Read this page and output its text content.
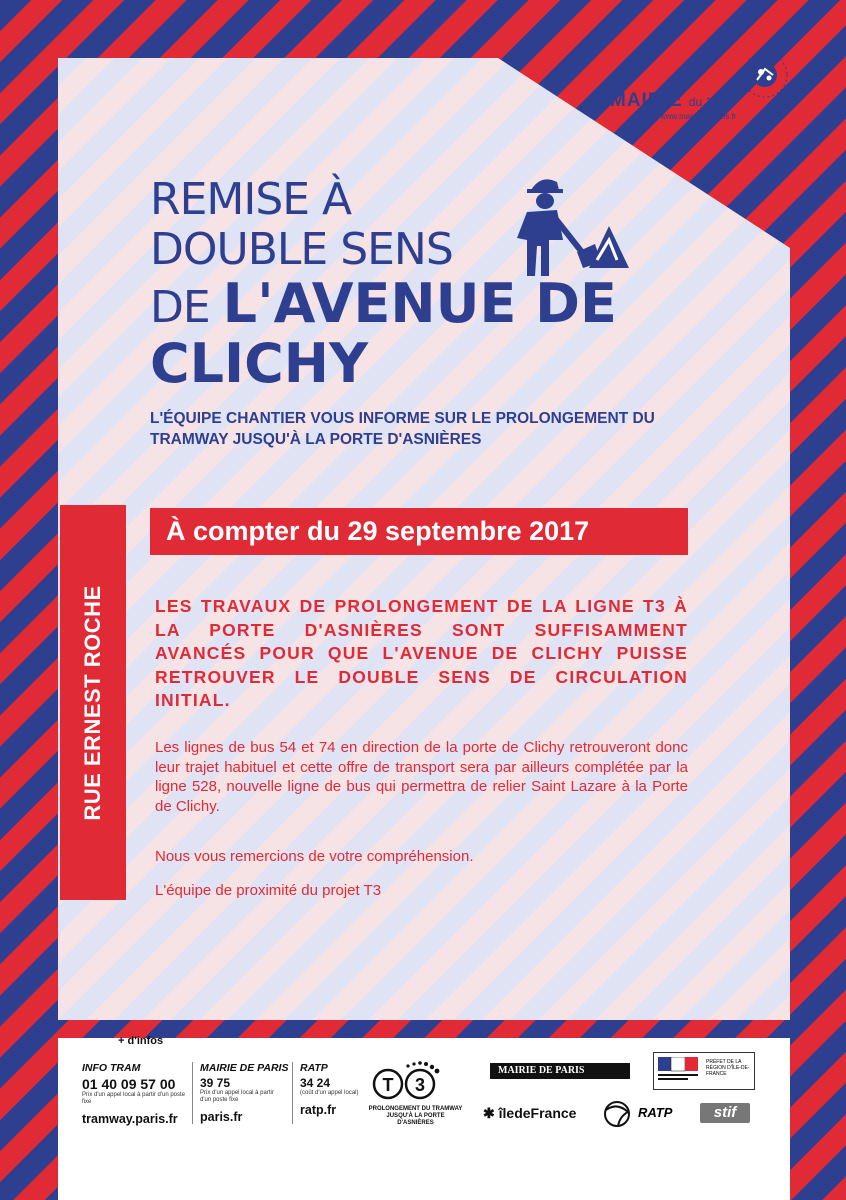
MAIRIE du 17e
www.mairie17.paris.fr
REMISE À
DOUBLE SENS
DE L'AVENUE DE
CLICHY
L'ÉQUIPE CHANTIER VOUS INFORME SUR LE PROLONGEMENT DU TRAMWAY JUSQU'À LA PORTE D'ASNIÈRES
RUE ERNEST ROCHE
À compter du 29 septembre 2017
LES TRAVAUX DE PROLONGEMENT DE LA LIGNE T3 À LA PORTE D'ASNIÈRES SONT SUFFISAMMENT AVANCÉS POUR QUE L'AVENUE DE CLICHY PUISSE RETROUVER LE DOUBLE SENS DE CIRCULATION INITIAL.
Les lignes de bus 54 et 74 en direction de la porte de Clichy retrouveront donc leur trajet habituel et cette offre de transport sera par ailleurs complétée par la ligne 528, nouvelle ligne de bus qui permettra de relier Saint Lazare à la Porte de Clichy.
Nous vous remercions de votre compréhension.
L'équipe de proximité du projet T3
+ d'infos
INFO TRAM
01 40 09 57 00
Prix d'un appel local à partir d'un poste fixe
tramway.paris.fr
MAIRIE DE PARIS
39 75
Prix d'un appel local à partir d'un poste fixe
paris.fr
RATP
34 24
(coût d'un appel local)
ratp.fr
T 3
PROLONGEMENT DU TRAMWAY JUSQU'À LA PORTE D'ASNIÈRES
MAIRIE DE PARIS
PRÉFET DE LA RÉGION D'ÎLE-DE-FRANCE
✱ îledeFrance	RATP	stif
